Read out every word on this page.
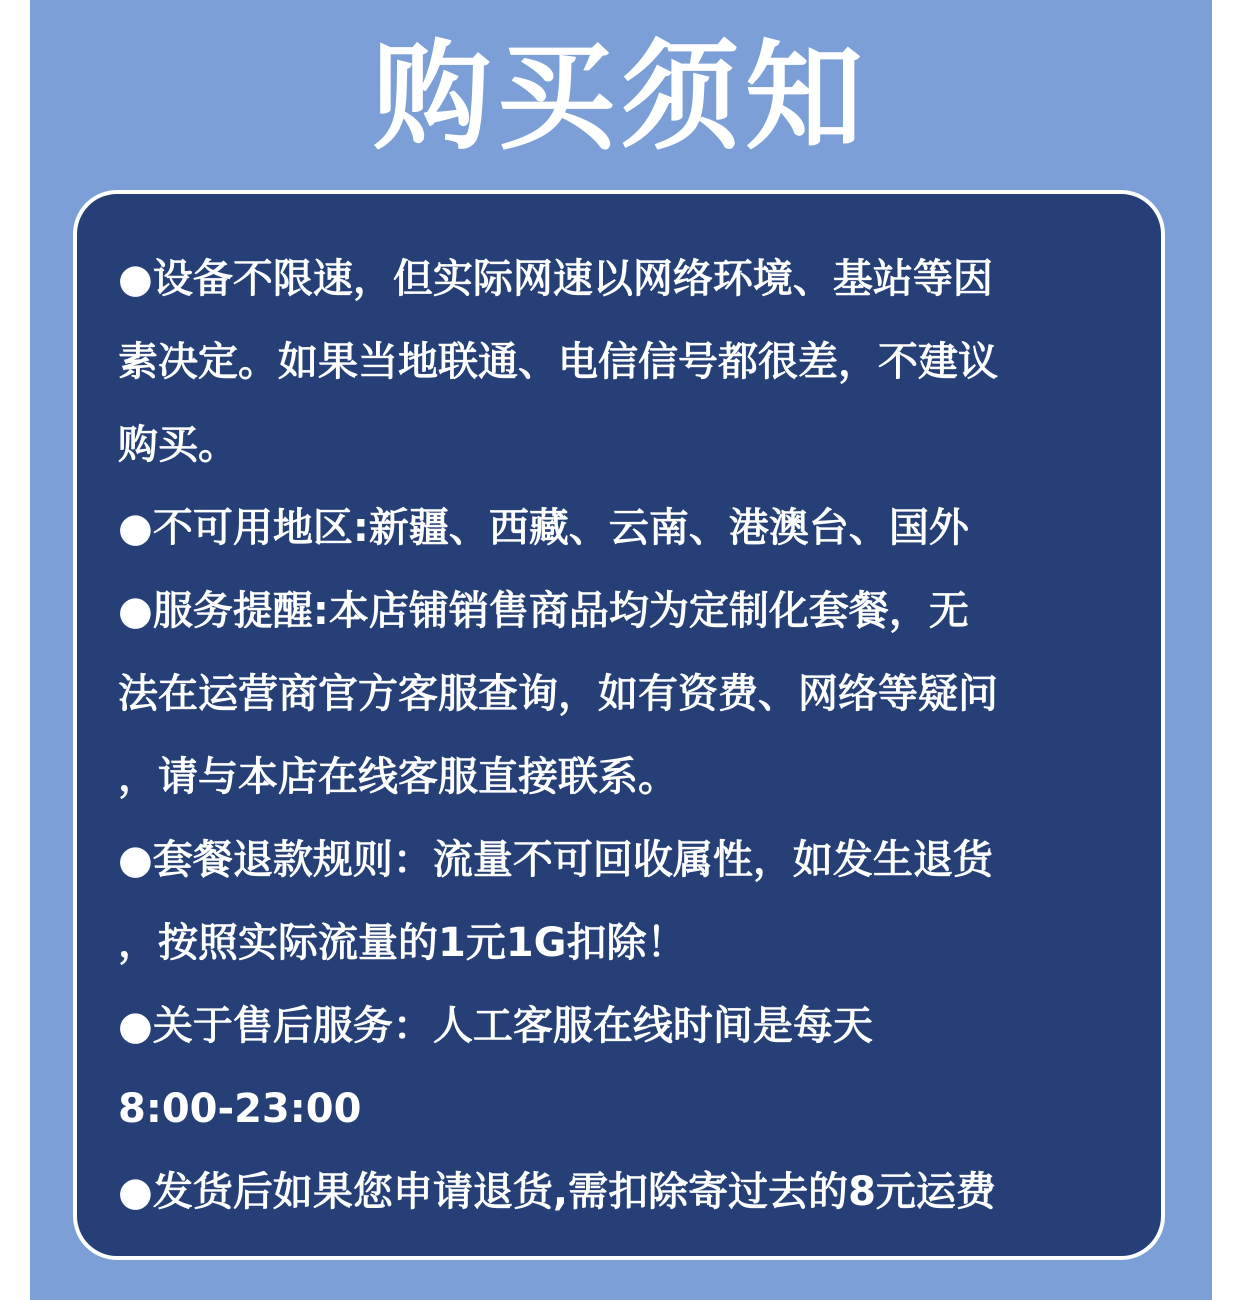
购买须知

●设备不限速，但实际网速以网络环境、基站等因
素决定。如果当地联通、电信信号都很差，不建议
购买。

●不可用地区:新疆、西藏、云南、港澳台、国外

●服务提醒:本店铺销售商品均为定制化套餐，无
法在运营商官方客服查询，如有资费、网络等疑问
，请与本店在线客服直接联系。

●套餐退款规则：流量不可回收属性，如发生退货
，按照实际流量的1元1G扣除！

●关于售后服务：人工客服在线时间是每天
8:00-23:00

●发货后如果您申请退货,需扣除寄过去的8元运费
